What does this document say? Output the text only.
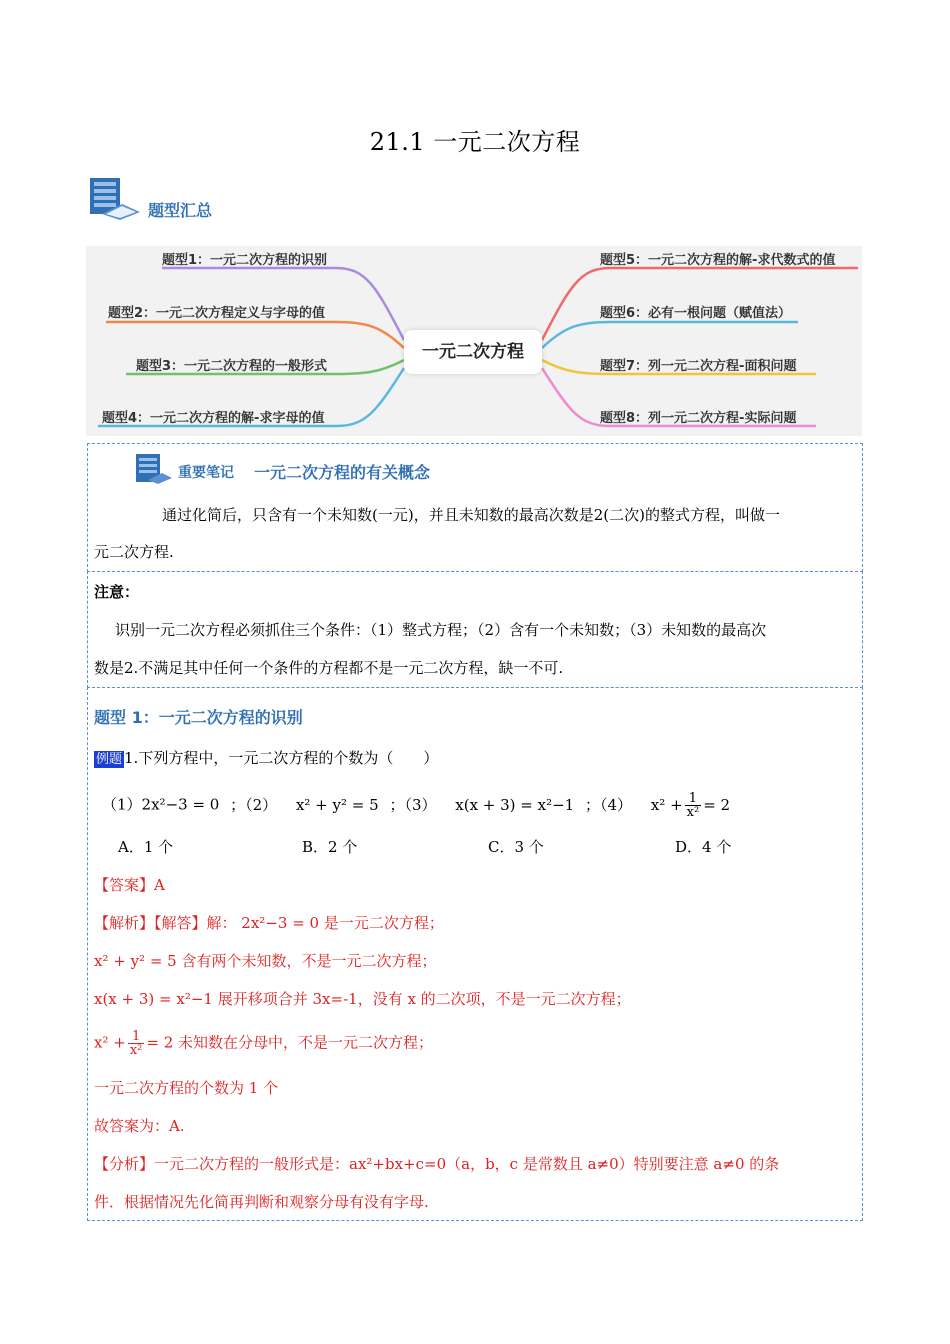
21.1 一元二次方程
题型汇总
题型1：一元二次方程的识别
题型2：一元二次方程定义与字母的值
题型3：一元二次方程的一般形式
题型4：一元二次方程的解-求字母的值
题型5：一元二次方程的解-求代数式的值
题型6：必有一根问题（赋值法）
题型7：列一元二次方程-面积问题
题型8：列一元二次方程-实际问题
一元二次方程
重要笔记 一元二次方程的有关概念
通过化简后，只含有一个未知数(一元)，并且未知数的最高次数是2(二次)的整式方程，叫做一
元二次方程.
注意：
识别一元二次方程必须抓住三个条件：（1）整式方程；（2）含有一个未知数；（3）未知数的最高次
数是2.不满足其中任何一个条件的方程都不是一元二次方程，缺一不可.
题型 1：一元二次方程的识别
例题 1.下列方程中，一元二次方程的个数为（　　）
（1）2x²−3 = 0 ；（2） x² + y² = 5 ；（3） x(x + 3) = x²−1 ；（4） $x^2 + \frac{1}{\text{x²}} = 2$
A．1 个	B．2 个	C．3 个	D．4 个
【答案】A
【解析】【解答】解： 2x²−3 = 0 是一元二次方程；
x² + y² = 5 含有两个未知数，不是一元二次方程；
x(x + 3) = x²−1 展开移项合并 3x=-1，没有 x 的二次项，不是一元二次方程；
$x^2 + \frac{1}{\text{x²}} = 2$ 未知数在分母中，不是一元二次方程；
一元二次方程的个数为 1 个
故答案为：A.
【分析】一元二次方程的一般形式是：ax²+bx+c=0（a，b，c 是常数且 a≠0）特别要注意 a≠0 的条
件．根据情况先化简再判断和观察分母有没有字母.
